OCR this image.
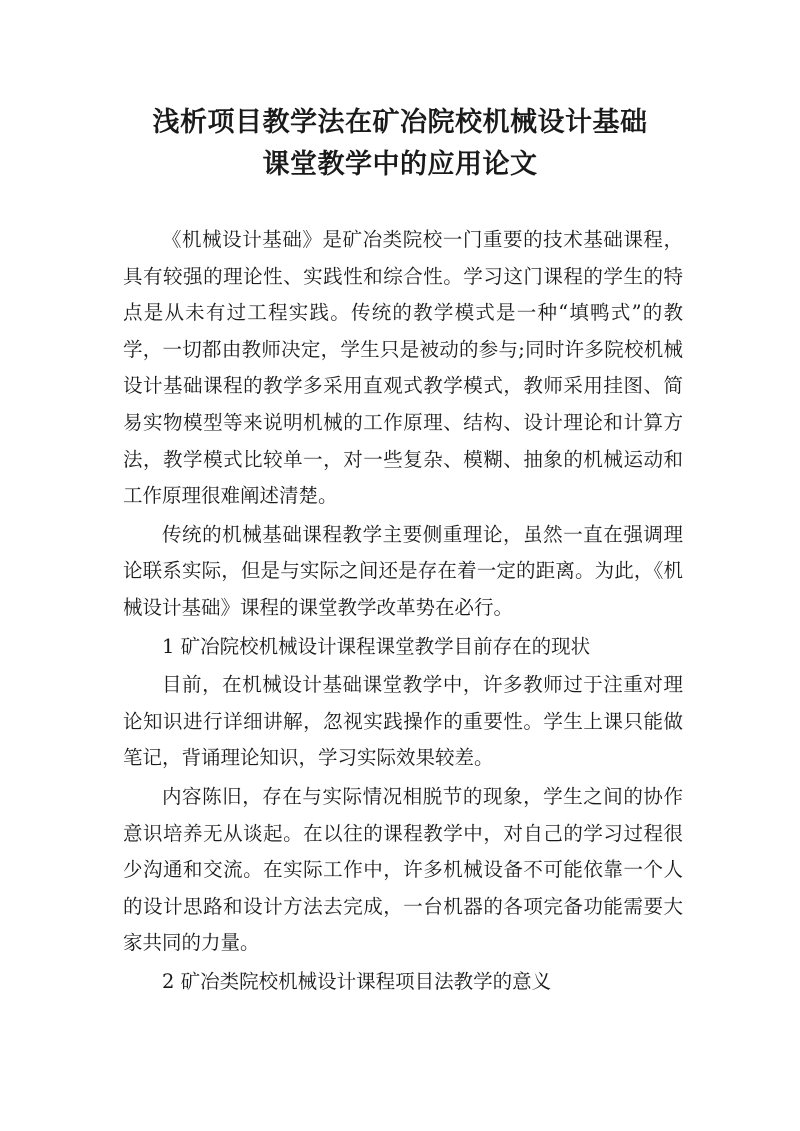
浅析项目教学法在矿冶院校机械设计基础
课堂教学中的应用论文

《机械设计基础》是矿冶类院校一门重要的技术基础课程，具有较强的理论性、实践性和综合性。学习这门课程的学生的特点是从未有过工程实践。传统的教学模式是一种“填鸭式”的教学，一切都由教师决定，学生只是被动的参与;同时许多院校机械设计基础课程的教学多采用直观式教学模式，教师采用挂图、简易实物模型等来说明机械的工作原理、结构、设计理论和计算方法，教学模式比较单一，对一些复杂、模糊、抽象的机械运动和工作原理很难阐述清楚。

传统的机械基础课程教学主要侧重理论，虽然一直在强调理论联系实际，但是与实际之间还是存在着一定的距离。为此，《机械设计基础》课程的课堂教学改革势在必行。

1 矿冶院校机械设计课程课堂教学目前存在的现状

目前，在机械设计基础课堂教学中，许多教师过于注重对理论知识进行详细讲解，忽视实践操作的重要性。学生上课只能做笔记，背诵理论知识，学习实际效果较差。

内容陈旧，存在与实际情况相脱节的现象，学生之间的协作意识培养无从谈起。在以往的课程教学中，对自己的学习过程很少沟通和交流。在实际工作中，许多机械设备不可能依靠一个人的设计思路和设计方法去完成，一台机器的各项完备功能需要大家共同的力量。

2 矿冶类院校机械设计课程项目法教学的意义
